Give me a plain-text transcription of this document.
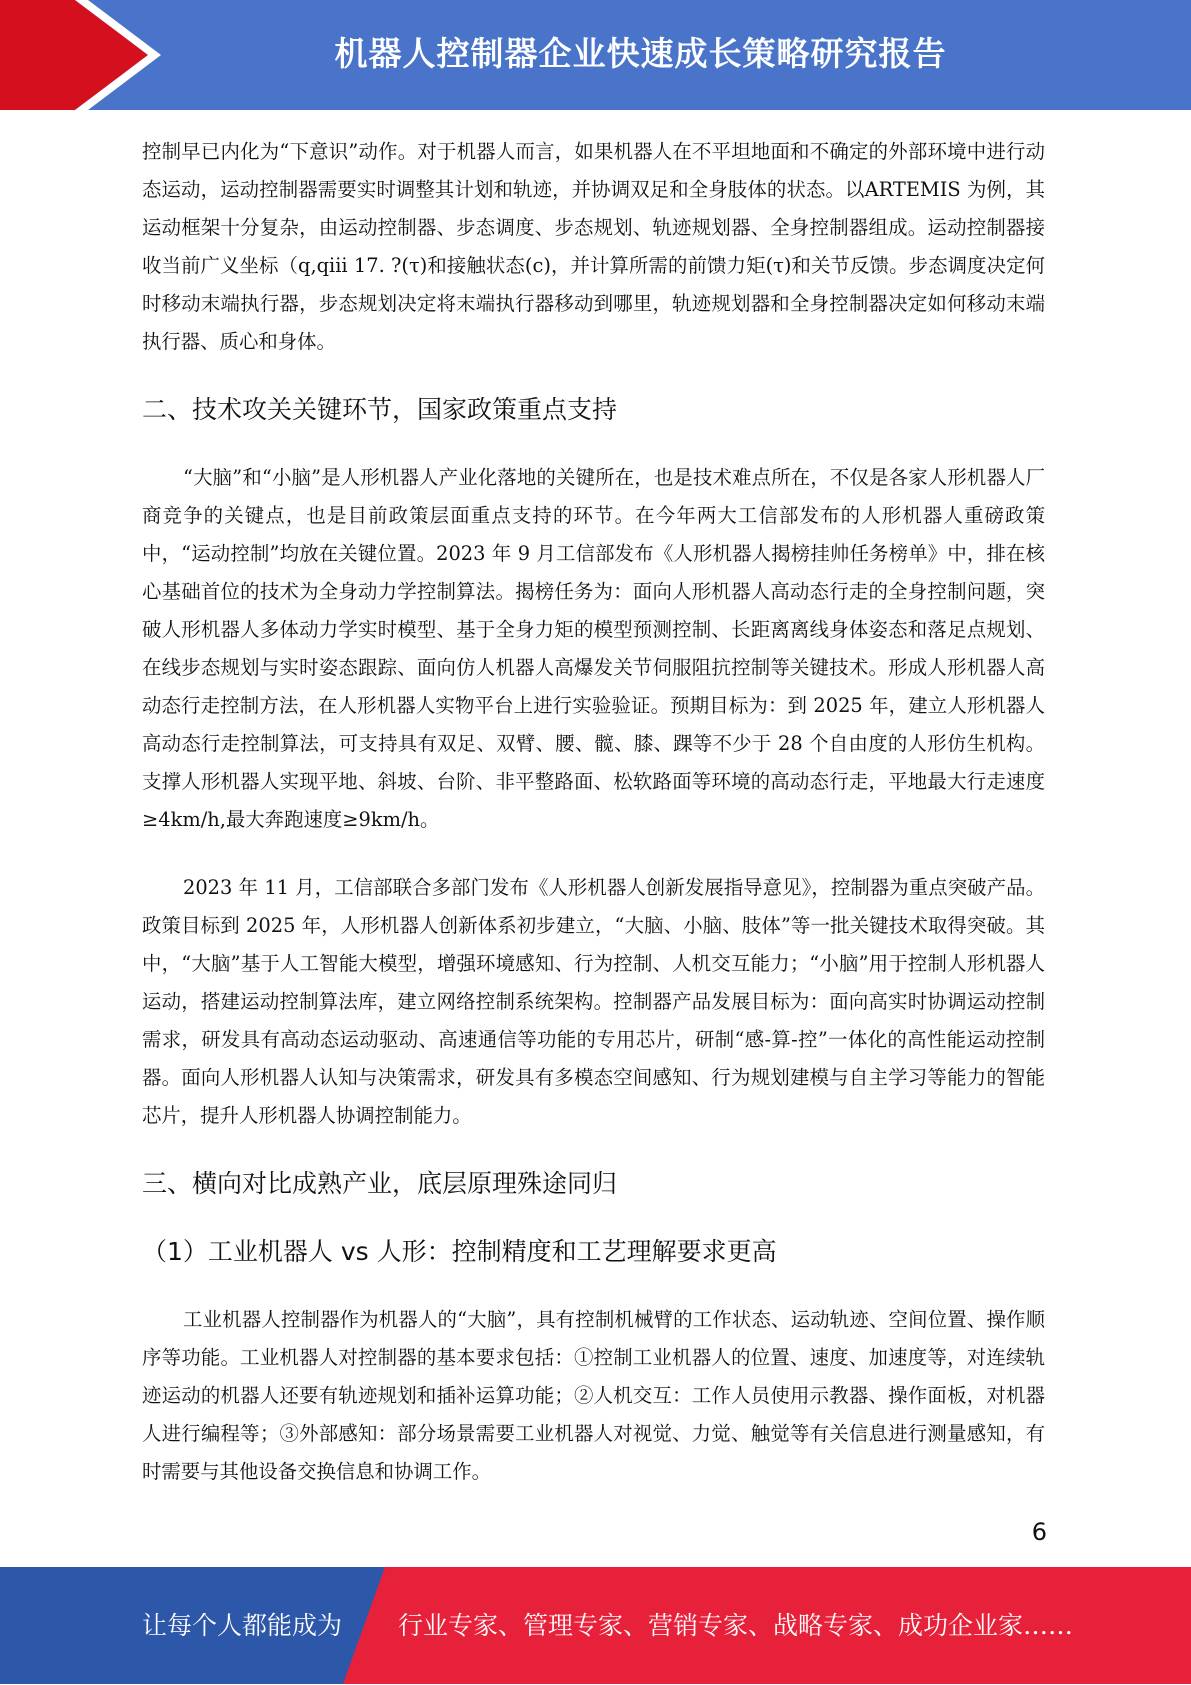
机器人控制器企业快速成长策略研究报告

控制早已内化为“下意识”动作。对于机器人而言，如果机器人在不平坦地面和不确定的外部环境中进行动态运动，运动控制器需要实时调整其计划和轨迹，并协调双足和全身肢体的状态。以ARTEMIS 为例，其运动框架十分复杂，由运动控制器、步态调度、步态规划、轨迹规划器、全身控制器组成。运动控制器接收当前广义坐标（q,qiii 17. ?(τ)和接触状态(c)，并计算所需的前馈力矩(τ)和关节反馈。步态调度决定何时移动末端执行器，步态规划决定将末端执行器移动到哪里，轨迹规划器和全身控制器决定如何移动末端执行器、质心和身体。

二、技术攻关关键环节，国家政策重点支持

“大脑”和“小脑”是人形机器人产业化落地的关键所在，也是技术难点所在，不仅是各家人形机器人厂商竞争的关键点，也是目前政策层面重点支持的环节。在今年两大工信部发布的人形机器人重磅政策中，“运动控制”均放在关键位置。2023 年 9 月工信部发布《人形机器人揭榜挂帅任务榜单》中，排在核心基础首位的技术为全身动力学控制算法。揭榜任务为：面向人形机器人高动态行走的全身控制问题，突破人形机器人多体动力学实时模型、基于全身力矩的模型预测控制、长距离离线身体姿态和落足点规划、在线步态规划与实时姿态跟踪、面向仿人机器人高爆发关节伺服阻抗控制等关键技术。形成人形机器人高动态行走控制方法，在人形机器人实物平台上进行实验验证。预期目标为：到 2025 年，建立人形机器人高动态行走控制算法，可支持具有双足、双臂、腰、髋、膝、踝等不少于 28 个自由度的人形仿生机构。支撑人形机器人实现平地、斜坡、台阶、非平整路面、松软路面等环境的高动态行走，平地最大行走速度≥4km/h,最大奔跑速度≥9km/h。

2023 年 11 月，工信部联合多部门发布《人形机器人创新发展指导意见》，控制器为重点突破产品。政策目标到 2025 年，人形机器人创新体系初步建立，“大脑、小脑、肢体”等一批关键技术取得突破。其中，“大脑”基于人工智能大模型，增强环境感知、行为控制、人机交互能力；“小脑”用于控制人形机器人运动，搭建运动控制算法库，建立网络控制系统架构。控制器产品发展目标为：面向高实时协调运动控制需求，研发具有高动态运动驱动、高速通信等功能的专用芯片，研制“感-算-控”一体化的高性能运动控制器。面向人形机器人认知与决策需求，研发具有多模态空间感知、行为规划建模与自主学习等能力的智能芯片，提升人形机器人协调控制能力。

三、横向对比成熟产业，底层原理殊途同归
（1）工业机器人 vs 人形：控制精度和工艺理解要求更高

工业机器人控制器作为机器人的“大脑”，具有控制机械臂的工作状态、运动轨迹、空间位置、操作顺序等功能。工业机器人对控制器的基本要求包括：①控制工业机器人的位置、速度、加速度等，对连续轨迹运动的机器人还要有轨迹规划和插补运算功能；②人机交互：工作人员使用示教器、操作面板，对机器人进行编程等；③外部感知：部分场景需要工业机器人对视觉、力觉、触觉等有关信息进行测量感知，有时需要与其他设备交换信息和协调工作。

6
让每个人都能成为 行业专家、管理专家、营销专家、战略专家、成功企业家……
